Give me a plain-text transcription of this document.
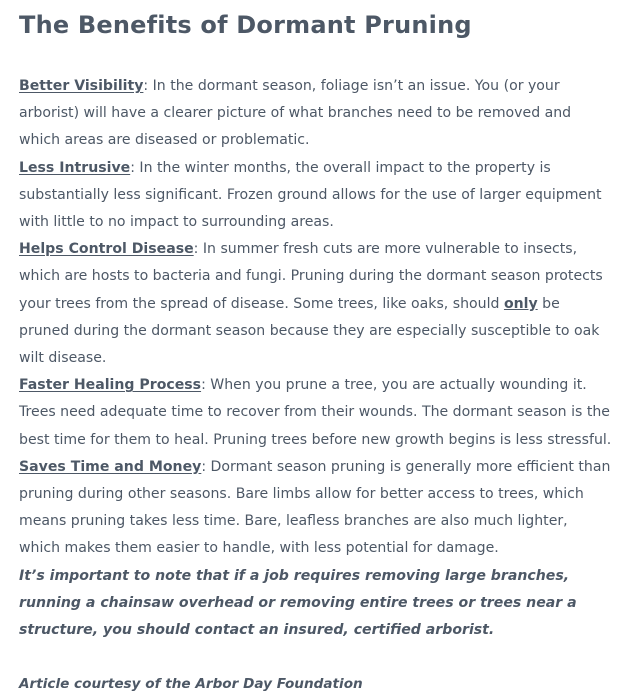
The Benefits of Dormant Pruning

Better Visibility: In the dormant season, foliage isn’t an issue. You (or your arborist) will have a clearer picture of what branches need to be removed and which areas are diseased or problematic.

Less Intrusive: In the winter months, the overall impact to the property is substantially less significant. Frozen ground allows for the use of larger equipment with little to no impact to surrounding areas.

Helps Control Disease: In summer fresh cuts are more vulnerable to insects, which are hosts to bacteria and fungi. Pruning during the dormant season protects your trees from the spread of disease. Some trees, like oaks, should only be pruned during the dormant season because they are especially susceptible to oak wilt disease.

Faster Healing Process: When you prune a tree, you are actually wounding it. Trees need adequate time to recover from their wounds. The dormant season is the best time for them to heal. Pruning trees before new growth begins is less stressful.

Saves Time and Money: Dormant season pruning is generally more efficient than pruning during other seasons. Bare limbs allow for better access to trees, which means pruning takes less time. Bare, leafless branches are also much lighter, which makes them easier to handle, with less potential for damage.

It’s important to note that if a job requires removing large branches, running a chainsaw overhead or removing entire trees or trees near a structure, you should contact an insured, certified arborist.

Article courtesy of the Arbor Day Foundation
